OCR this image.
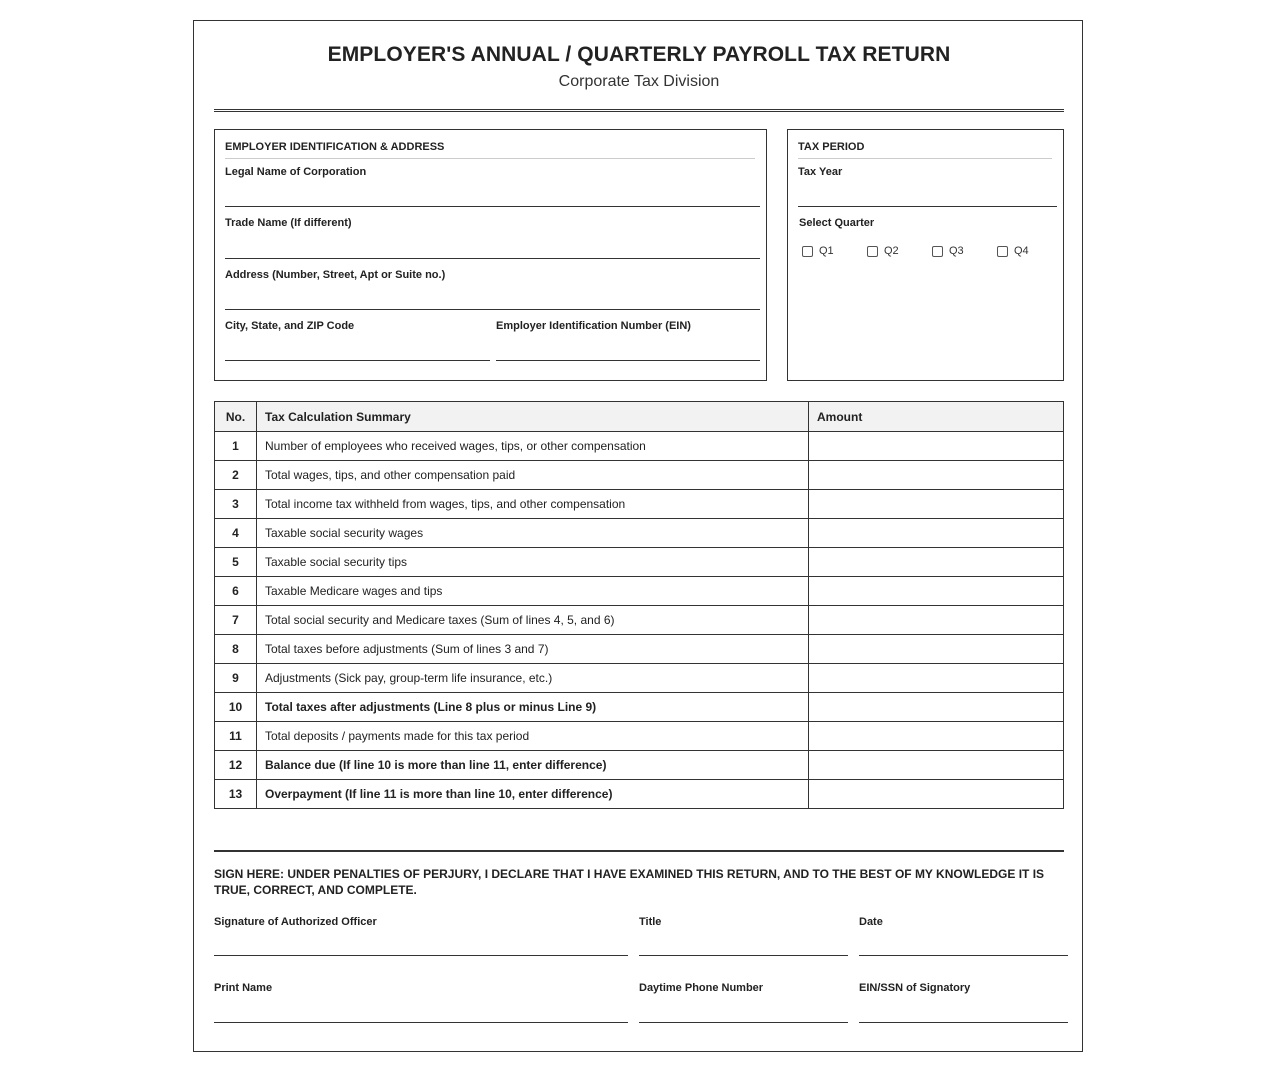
EMPLOYER'S ANNUAL / QUARTERLY PAYROLL TAX RETURN
Corporate Tax Division
EMPLOYER IDENTIFICATION & ADDRESS
Legal Name of Corporation
Trade Name (If different)
Address (Number, Street, Apt or Suite no.)
City, State, and ZIP Code	Employer Identification Number (EIN)
TAX PERIOD
Tax Year
Select Quarter
Q1	Q2	Q3	Q4
No.	Tax Calculation Summary	Amount
1	Number of employees who received wages, tips, or other compensation	
2	Total wages, tips, and other compensation paid	
3	Total income tax withheld from wages, tips, and other compensation	
4	Taxable social security wages	
5	Taxable social security tips	
6	Taxable Medicare wages and tips	
7	Total social security and Medicare taxes (Sum of lines 4, 5, and 6)	
8	Total taxes before adjustments (Sum of lines 3 and 7)	
9	Adjustments (Sick pay, group-term life insurance, etc.)	
10	Total taxes after adjustments (Line 8 plus or minus Line 9)	
11	Total deposits / payments made for this tax period	
12	Balance due (If line 10 is more than line 11, enter difference)	
13	Overpayment (If line 11 is more than line 10, enter difference)	
SIGN HERE: UNDER PENALTIES OF PERJURY, I DECLARE THAT I HAVE EXAMINED THIS RETURN, AND TO THE BEST OF MY KNOWLEDGE IT IS TRUE, CORRECT, AND COMPLETE.
Signature of Authorized Officer	Title	Date
Print Name	Daytime Phone Number	EIN/SSN of Signatory
